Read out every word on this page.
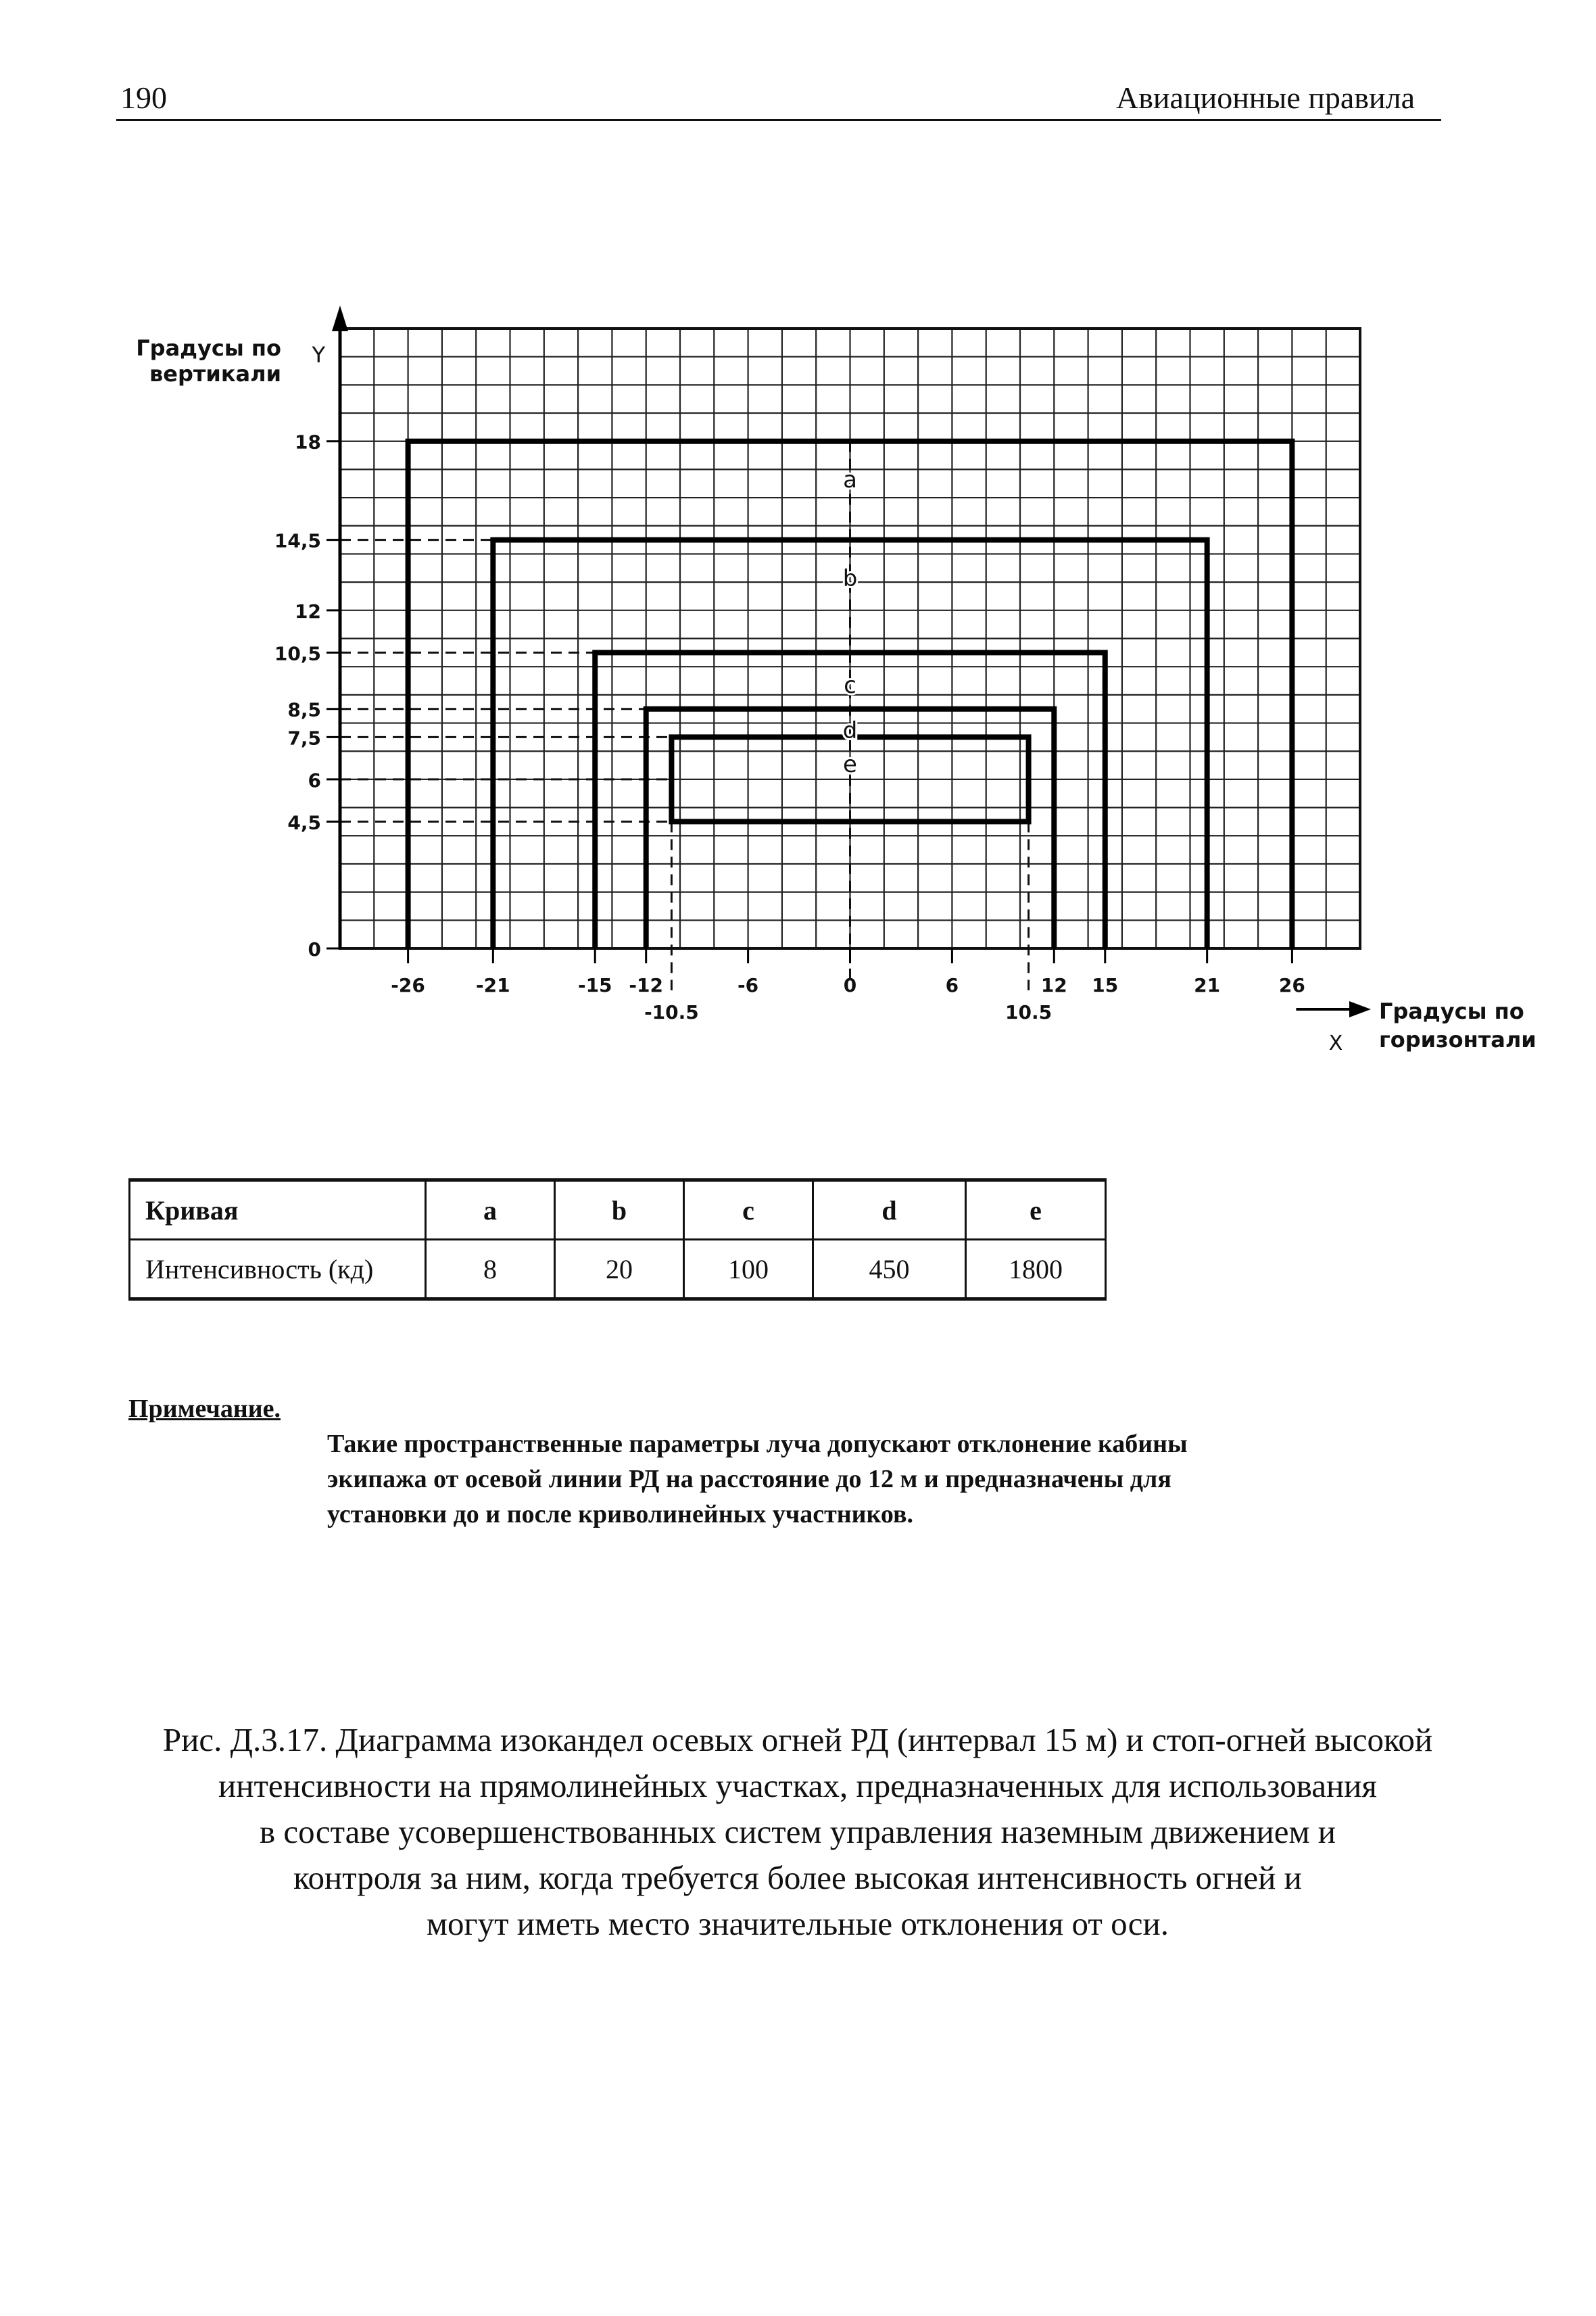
190	Авиационные правила
a
b
c
d
e
Y
Градусы по
вертикали
0
4,5
6
7,5
8,5
10,5
12
14,5
18
-26	-21	-15 -12	-6	0	6	12 15	21	26
-10.5	10.5
X
Градусы по
горизонтали
Кривая	a	b	c	d	e
Интенсивность (кд)	8	20	100	450	1800
Примечание.
Такие пространственные параметры луча допускают отклонение кабины
экипажа от осевой линии РД на расстояние до 12 м и предназначены для
установки до и после криволинейных участников.
Рис. Д.3.17. Диаграмма изокандел осевых огней РД (интервал 15 м) и стоп-огней высокой
интенсивности на прямолинейных участках, предназначенных для использования
в составе усовершенствованных систем управления наземным движением и
контроля за ним, когда требуется более высокая интенсивность огней и
могут иметь место значительные отклонения от оси.
